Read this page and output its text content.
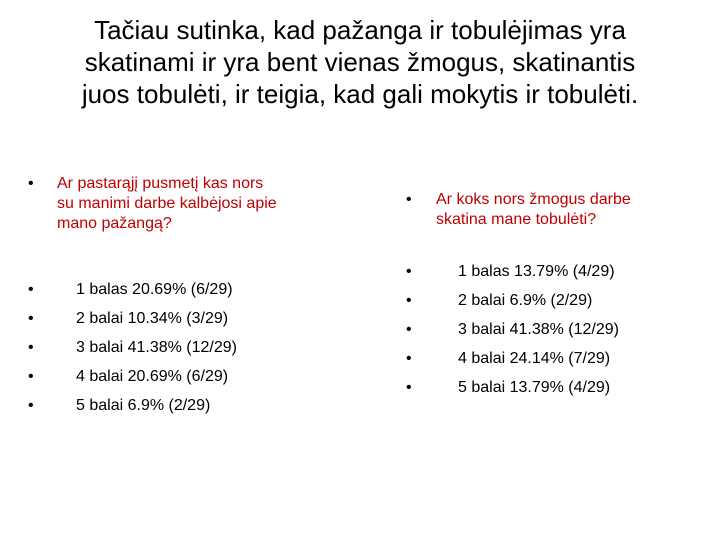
Tačiau sutinka, kad pažanga ir tobulėjimas yra
skatinami ir yra bent vienas žmogus, skatinantis
juos tobulėti, ir teigia, kad gali mokytis ir tobulėti.
• Ar pastarąjį pusmetį kas nors
su manimi darbe kalbėjosi apie
mano pažangą?
•	1 balas 20.69% (6/29)
•	2 balai 10.34% (3/29)
•	3 balai 41.38% (12/29)
•	4 balai 20.69% (6/29)
•	5 balai 6.9% (2/29)
• Ar koks nors žmogus darbe
skatina mane tobulėti?
•	1 balas 13.79% (4/29)
•	2 balai 6.9% (2/29)
•	3 balai 41.38% (12/29)
•	4 balai 24.14% (7/29)
•	5 balai 13.79% (4/29)
